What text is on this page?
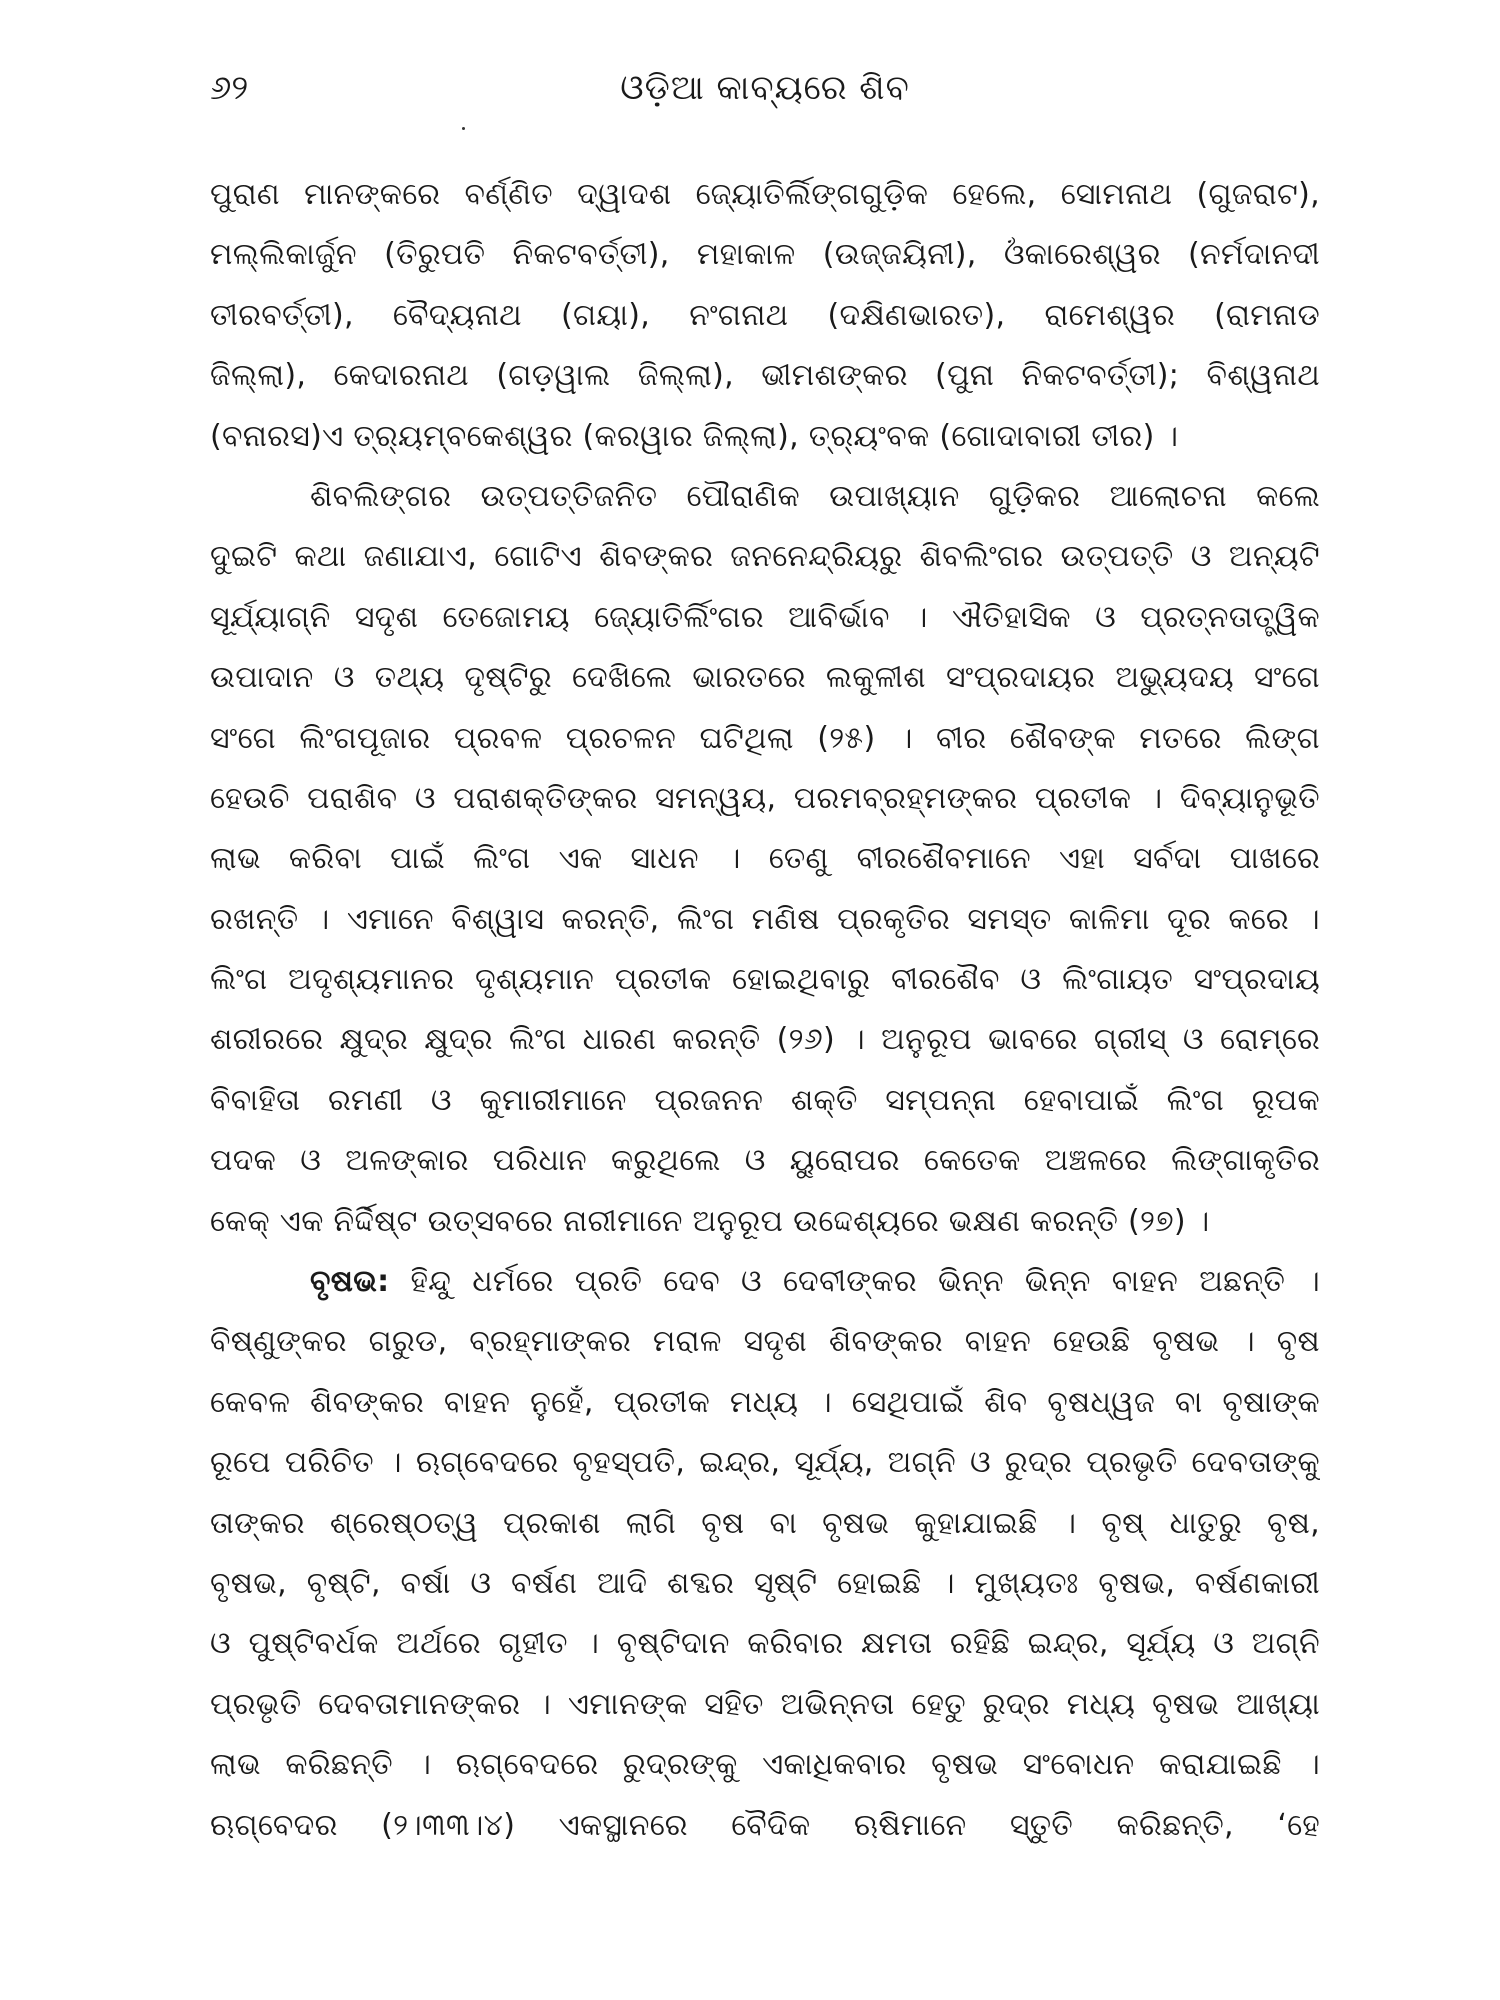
୬୨	ଓଡ଼ିଆ କାବ୍ୟରେ ଶିବ
ପୁରାଣ ମାନଙ୍କରେ ବର୍ଣ୍ଣିତ ଦ୍ୱାଦଶ ଜ୍ୟୋତିର୍ଲିଙ୍ଗଗୁଡ଼ିକ ହେଲେ, ସୋମନାଥ (ଗୁଜରାଟ),
ମଲ୍ଲିକାର୍ଜୁନ (ତିରୁପତି ନିକଟବର୍ତ୍ତୀ), ମହାକାଳ (ଉଜ୍ଜୟିନୀ), ଓଁକାରେଶ୍ୱର (ନର୍ମଦାନଦୀ
ତୀରବର୍ତ୍ତୀ), ବୈଦ୍ୟନାଥ (ଗୟା), ନଂଗନାଥ (ଦକ୍ଷିଣଭାରତ), ରାମେଶ୍ୱର (ରାମନାଡ
ଜିଲ୍ଲା), କେଦାରନାଥ (ଗଡ଼ୱାଲ ଜିଲ୍ଲା), ଭୀମଶଙ୍କର (ପୁନା ନିକଟବର୍ତ୍ତୀ); ବିଶ୍ୱନାଥ
(ବନାରସ)ଏ ତ୍ର୍ୟମ୍ବକେଶ୍ୱର (କରୱାର ଜିଲ୍ଲା), ତ୍ର୍ୟଂବକ (ଗୋଦାବାରୀ ତୀର) ।
ଶିବଲିଙ୍ଗର ଉତ୍ପତ୍ତିଜନିତ ପୌରାଣିକ ଉପାଖ୍ୟାନ ଗୁଡ଼ିକର ଆଲୋଚନା କଲେ
ଦୁଇଟି କଥା ଜଣାଯାଏ, ଗୋଟିଏ ଶିବଙ୍କର ଜନନେନ୍ଦ୍ରିୟରୁ ଶିବଲିଂଗର ଉତ୍ପତ୍ତି ଓ ଅନ୍ୟଟି
ସୂର୍ଯ୍ୟାଗ୍ନି ସଦୃଶ ତେଜୋମୟ ଜ୍ୟୋତିର୍ଲିଂଗର ଆବିର୍ଭାବ । ଐତିହାସିକ ଓ ପ୍ରତ୍ନତାତ୍ତ୍ୱିକ
ଉପାଦାନ ଓ ତଥ୍ୟ ଦୃଷ୍ଟିରୁ ଦେଖିଲେ ଭାରତରେ ଲକୁଳୀଶ ସଂପ୍ରଦାୟର ଅଭ୍ୟୁଦୟ ସଂଗେ
ସଂଗେ ଲିଂଗପୂଜାର ପ୍ରବଳ ପ୍ରଚଳନ ଘଟିଥିଲା (୨୫) । ବୀର ଶୈବଙ୍କ ମତରେ ଲିଙ୍ଗ
ହେଉଚି ପରାଶିବ ଓ ପରାଶକ୍ତିଙ୍କର ସମନ୍ୱୟ, ପରମବ୍ରହ୍ମଙ୍କର ପ୍ରତୀକ । ଦିବ୍ୟାନୁଭୂତି
ଲାଭ କରିବା ପାଇଁ ଲିଂଗ ଏକ ସାଧନ । ତେଣୁ ବୀରଶୈବମାନେ ଏହା ସର୍ବଦା ପାଖରେ
ରଖନ୍ତି । ଏମାନେ ବିଶ୍ୱାସ କରନ୍ତି, ଲିଂଗ ମଣିଷ ପ୍ରକୃତିର ସମସ୍ତ କାଳିମା ଦୂର କରେ ।
ଲିଂଗ ଅଦୃଶ୍ୟମାନର ଦୃଶ୍ୟମାନ ପ୍ରତୀକ ହୋଇଥିବାରୁ ବୀରଶୈବ ଓ ଲିଂଗାୟତ ସଂପ୍ରଦାୟ
ଶରୀରରେ କ୍ଷୁଦ୍ର କ୍ଷୁଦ୍ର ଲିଂଗ ଧାରଣ କରନ୍ତି (୨୬) । ଅନୁରୂପ ଭାବରେ ଗ୍ରୀସ୍ ଓ ରୋମ୍‌ରେ
ବିବାହିତା ରମଣୀ ଓ କୁମାରୀମାନେ ପ୍ରଜନନ ଶକ୍ତି ସମ୍ପନ୍ନା ହେବାପାଇଁ ଲିଂଗ ରୂପକ
ପଦକ ଓ ଅଳଙ୍କାର ପରିଧାନ କରୁଥିଲେ ଓ ୟୁରୋପର କେତେକ ଅଞ୍ଚଳରେ ଲିଙ୍ଗାକୃତିର
କେକ୍ ଏକ ନିର୍ଦ୍ଦିଷ୍ଟ ଉତ୍ସବରେ ନାରୀମାନେ ଅନୁରୂପ ଉଦ୍ଦେଶ୍ୟରେ ଭକ୍ଷଣ କରନ୍ତି (୨୭) ।
ବୃଷଭ: ହିନ୍ଦୁ ଧର୍ମରେ ପ୍ରତି ଦେବ ଓ ଦେବୀଙ୍କର ଭିନ୍ନ ଭିନ୍ନ ବାହନ ଅଛନ୍ତି ।
ବିଷ୍ଣୁଙ୍କର ଗରୁଡ, ବ୍ରହ୍ମାଙ୍କର ମରାଳ ସଦୃଶ ଶିବଙ୍କର ବାହନ ହେଉଛି ବୃଷଭ । ବୃଷ
କେବଳ ଶିବଙ୍କର ବାହନ ନୁହେଁ, ପ୍ରତୀକ ମଧ୍ୟ । ସେଥିପାଇଁ ଶିବ ବୃଷଧ୍ୱଜ ବା ବୃଷାଙ୍କ
ରୂପେ ପରିଚିତ । ଋଗ୍‌ବେଦରେ ବୃହସ୍ପତି, ଇନ୍ଦ୍ର, ସୂର୍ଯ୍ୟ, ଅଗ୍ନି ଓ ରୁଦ୍ର ପ୍ରଭୃତି ଦେବତାଙ୍କୁ
ତାଙ୍କର ଶ୍ରେଷ୍ଠତ୍ୱ ପ୍ରକାଶ ଲାଗି ବୃଷ ବା ବୃଷଭ କୁହାଯାଇଛି । ବୃଷ୍ ଧାତୁରୁ ବୃଷ,
ବୃଷଭ, ବୃଷ୍ଟି, ବର୍ଷା ଓ ବର୍ଷଣ ଆଦି ଶବ୍ଦର ସୃଷ୍ଟି ହୋଇଛି । ମୁଖ୍ୟତଃ ବୃଷଭ, ବର୍ଷଣକାରୀ
ଓ ପୁଷ୍ଟିବର୍ଧକ ଅର୍ଥରେ ଗୃହୀତ । ବୃଷ୍ଟିଦାନ କରିବାର କ୍ଷମତା ରହିଛି ଇନ୍ଦ୍ର, ସୂର୍ଯ୍ୟ ଓ ଅଗ୍ନି
ପ୍ରଭୃତି ଦେବତାମାନଙ୍କର । ଏମାନଙ୍କ ସହିତ ଅଭିନ୍ନତା ହେତୁ ରୁଦ୍ର ମଧ୍ୟ ବୃଷଭ ଆଖ୍ୟା
ଲାଭ କରିଛନ୍ତି । ଋଗ୍‌ବେଦରେ ରୁଦ୍ରଙ୍କୁ ଏକାଧିକବାର ବୃଷଭ ସଂବୋଧନ କରାଯାଇଛି ।
ଋଗ୍‌ବେଦର (୨।୩୩।୪) ଏକସ୍ଥାନରେ ବୈଦିକ ଋଷିମାନେ ସ୍ତୁତି କରିଛନ୍ତି, ‘ହେ
